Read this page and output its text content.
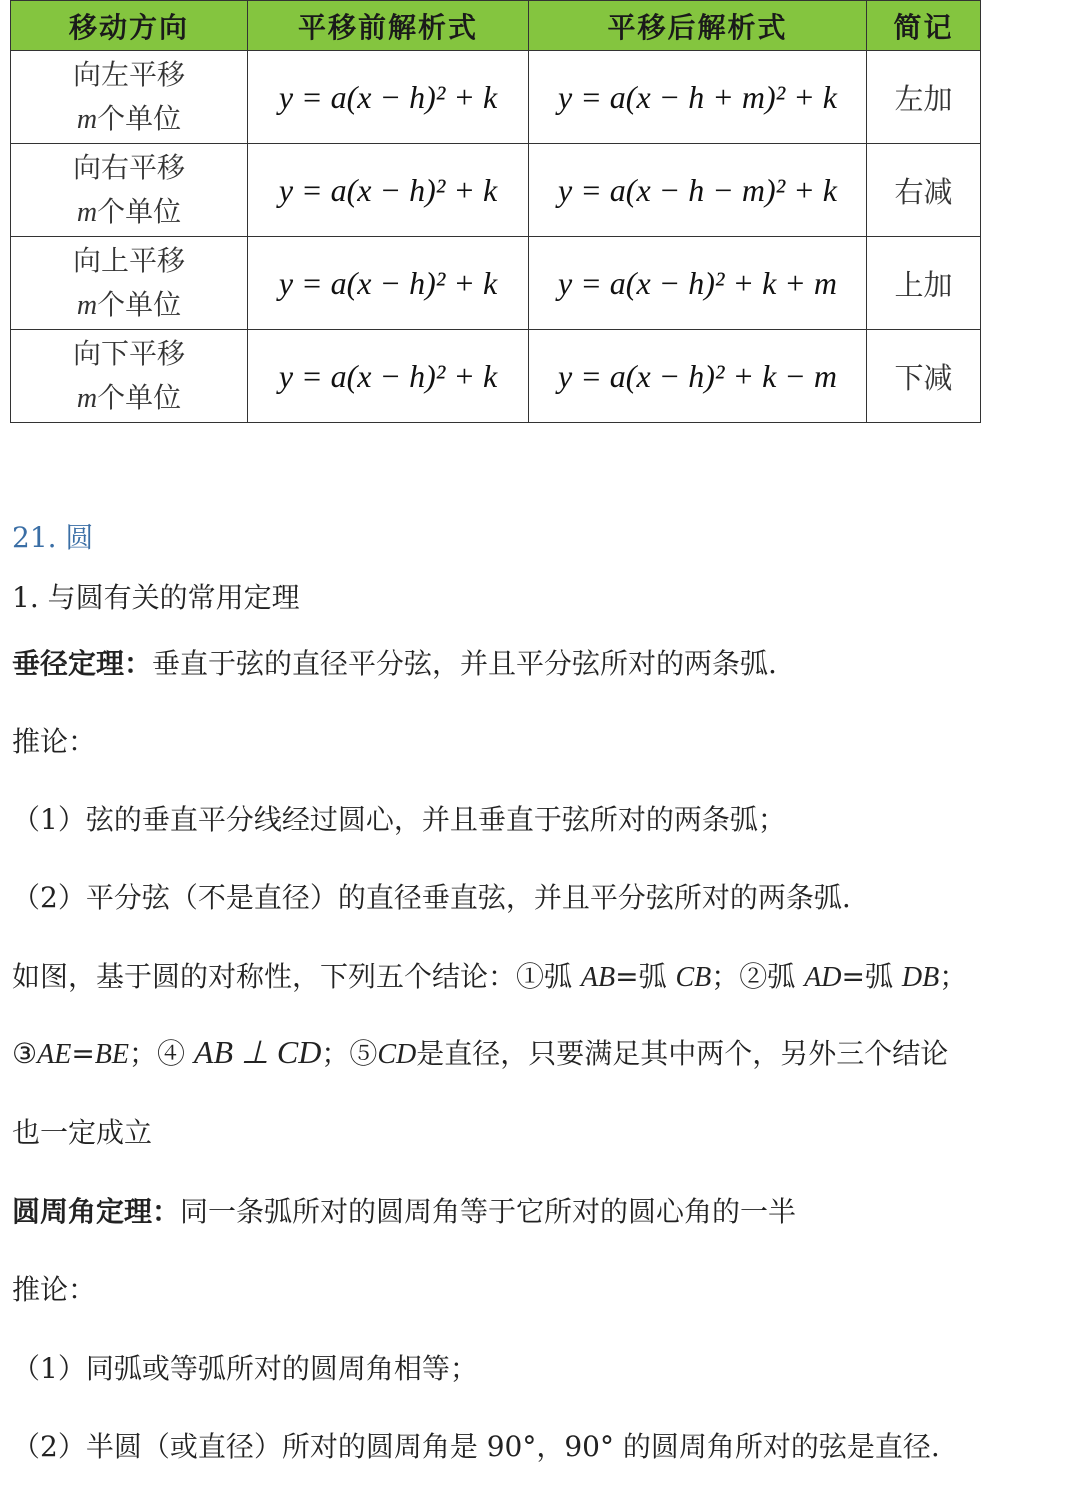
移动方向	平移前解析式	平移后解析式	简记
向左平移
m个单位	y = a(x − h)² + k	y = a(x − h + m)² + k	左加
向右平移
m个单位	y = a(x − h)² + k	y = a(x − h − m)² + k	右减
向上平移
m个单位	y = a(x − h)² + k	y = a(x − h)² + k + m	上加
向下平移
m个单位	y = a(x − h)² + k	y = a(x − h)² + k − m	下减
21. 圆
1. 与圆有关的常用定理
垂径定理：垂直于弦的直径平分弦，并且平分弦所对的两条弧.
推论：
（1）弦的垂直平分线经过圆心，并且垂直于弦所对的两条弧；
（2）平分弦（不是直径）的直径垂直弦，并且平分弦所对的两条弧.
如图，基于圆的对称性，下列五个结论：①弧 AB=弧 CB；②弧 AD=弧 DB；
③AE=BE；④ AB ⊥ CD；⑤CD是直径，只要满足其中两个，另外三个结论
也一定成立
圆周角定理：同一条弧所对的圆周角等于它所对的圆心角的一半
推论：
（1）同弧或等弧所对的圆周角相等；
（2）半圆（或直径）所对的圆周角是 90°，90° 的圆周角所对的弦是直径.
